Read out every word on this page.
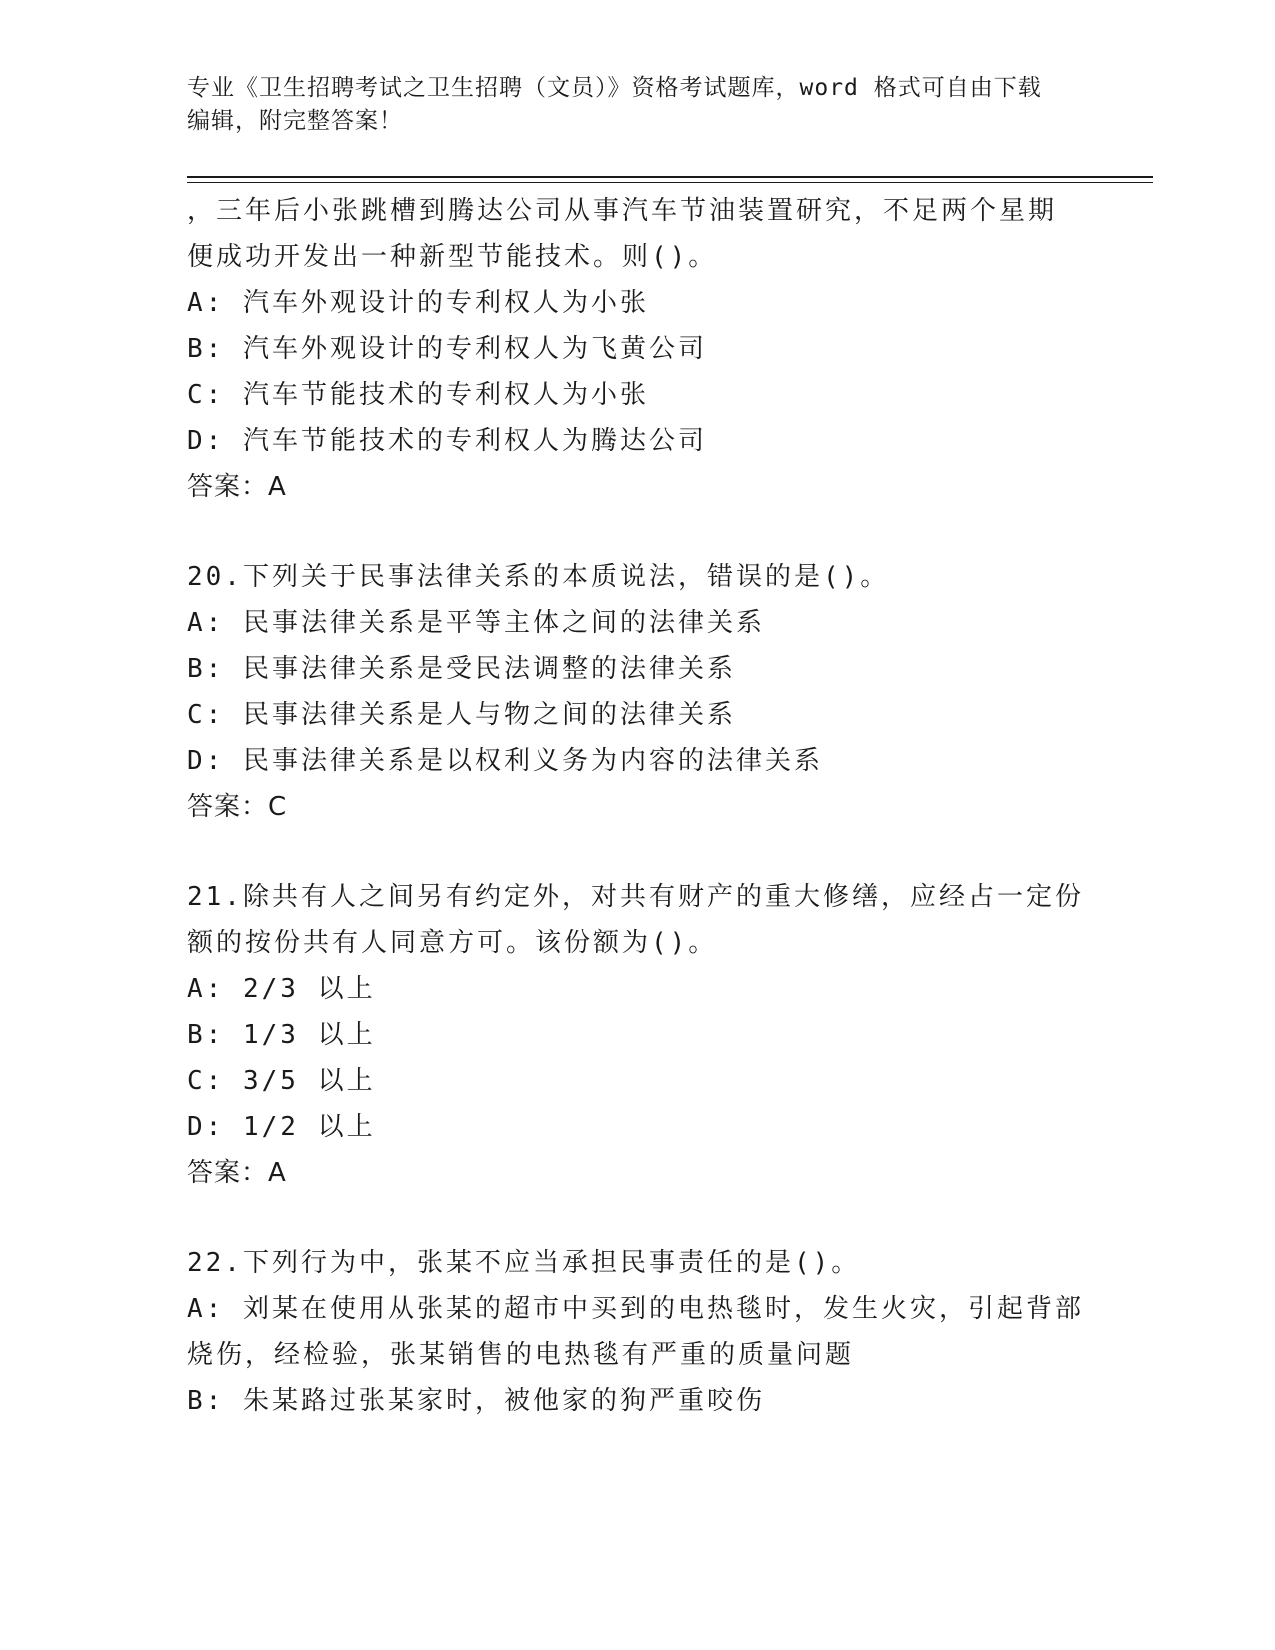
专业《卫生招聘考试之卫生招聘（文员）》资格考试题库，word 格式可自由下载
编辑，附完整答案！
，三年后小张跳槽到腾达公司从事汽车节油装置研究，不足两个星期
便成功开发出一种新型节能技术。则()。
A: 汽车外观设计的专利权人为小张
B: 汽车外观设计的专利权人为飞黄公司
C: 汽车节能技术的专利权人为小张
D: 汽车节能技术的专利权人为腾达公司
答案：A
20.下列关于民事法律关系的本质说法，错误的是()。
A: 民事法律关系是平等主体之间的法律关系
B: 民事法律关系是受民法调整的法律关系
C: 民事法律关系是人与物之间的法律关系
D: 民事法律关系是以权利义务为内容的法律关系
答案：C
21.除共有人之间另有约定外，对共有财产的重大修缮，应经占一定份
额的按份共有人同意方可。该份额为()。
A: 2/3 以上
B: 1/3 以上
C: 3/5 以上
D: 1/2 以上
答案：A
22.下列行为中，张某不应当承担民事责任的是()。
A: 刘某在使用从张某的超市中买到的电热毯时，发生火灾，引起背部
烧伤，经检验，张某销售的电热毯有严重的质量问题
B: 朱某路过张某家时，被他家的狗严重咬伤
